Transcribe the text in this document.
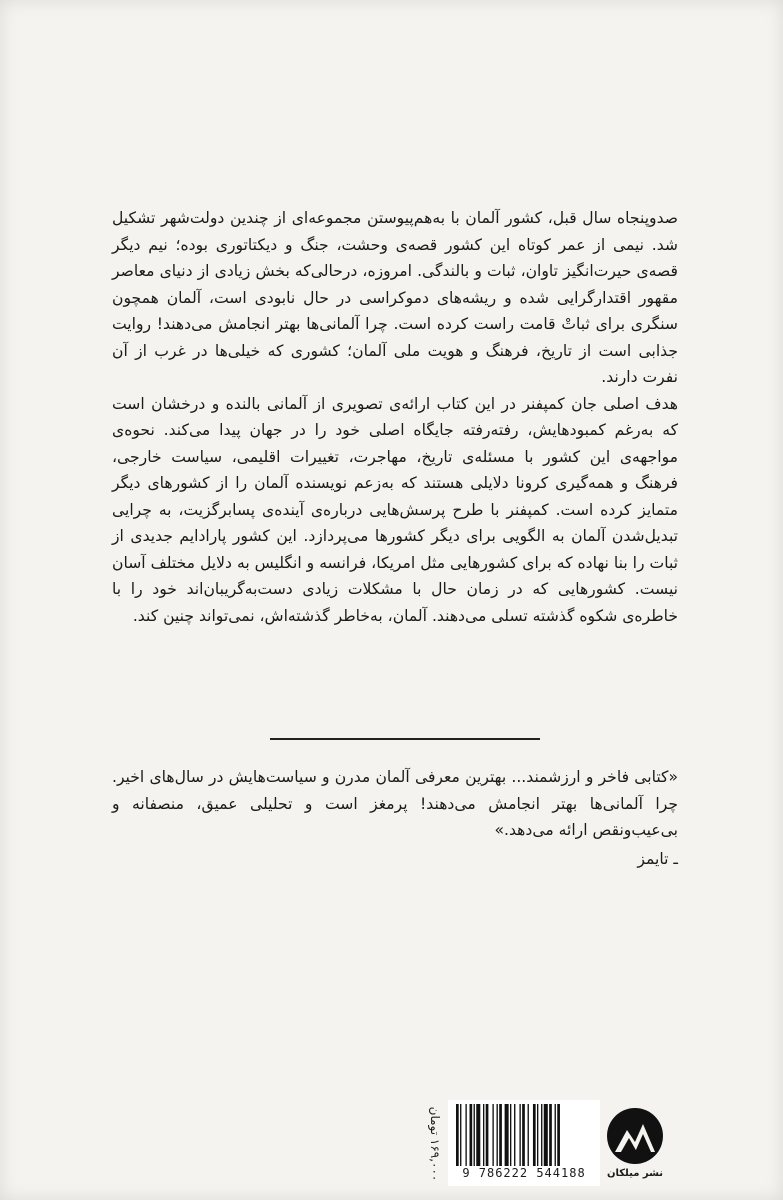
صدوپنجاه سال قبل، کشور آلمان با به‌هم‌پیوستن مجموعه‌ای از چندین دولت‌شهر تشکیل شد. نیمی از عمر کوتاه این کشور قصه‌ی وحشت، جنگ و دیکتاتوری بوده؛ نیم دیگر قصه‌ی حیرت‌انگیز تاوان، ثبات و بالندگی. امروزه، درحالی‌که بخش زیادی از دنیای معاصر مقهور اقتدارگرایی شده و ریشه‌های دموکراسی در حال نابودی است، آلمان همچون سنگری برای ثباتْ قامت راست کرده است. چرا آلمانی‌ها بهتر انجامش می‌دهند! روایت جذابی است از تاریخ، فرهنگ و هویت ملی آلمان؛ کشوری که خیلی‌ها در غرب از آن نفرت دارند.

هدف اصلی جان کمپفنر در این کتاب ارائه‌ی تصویری از آلمانی بالنده و درخشان است که به‌رغم کمبودهایش، رفته‌رفته جایگاه اصلی خود را در جهان پیدا می‌کند. نحوه‌ی مواجهه‌ی این کشور با مسئله‌ی تاریخ، مهاجرت، تغییرات اقلیمی، سیاست خارجی، فرهنگ و همه‌گیری کرونا دلایلی هستند که به‌زعم نویسنده آلمان را از کشورهای دیگر متمایز کرده است. کمپفنر با طرح پرسش‌هایی درباره‌ی آینده‌ی پسابرگزیت، به چرایی تبدیل‌شدن آلمان به الگویی برای دیگر کشورها می‌پردازد. این کشور پارادایم جدیدی از ثبات را بنا نهاده که برای کشورهایی مثل امریکا، فرانسه و انگلیس به دلایل مختلف آسان نیست. کشورهایی که در زمان حال با مشکلات زیادی دست‌به‌گریبان‌اند خود را با خاطره‌ی شکوه گذشته تسلی می‌دهند. آلمان، به‌خاطر گذشته‌اش، نمی‌تواند چنین کند.

«کتابی فاخر و ارزشمند... بهترین معرفی آلمان مدرن و سیاست‌هایش در سال‌های اخیر. چرا آلمانی‌ها بهتر انجامش می‌دهند! پرمغز است و تحلیلی عمیق، منصفانه و بی‌عیب‌ونقص ارائه می‌دهد.»

ـ تایمز
نشر میلکان
9 786222 544188
۱۶۹,۰۰۰ تومان
